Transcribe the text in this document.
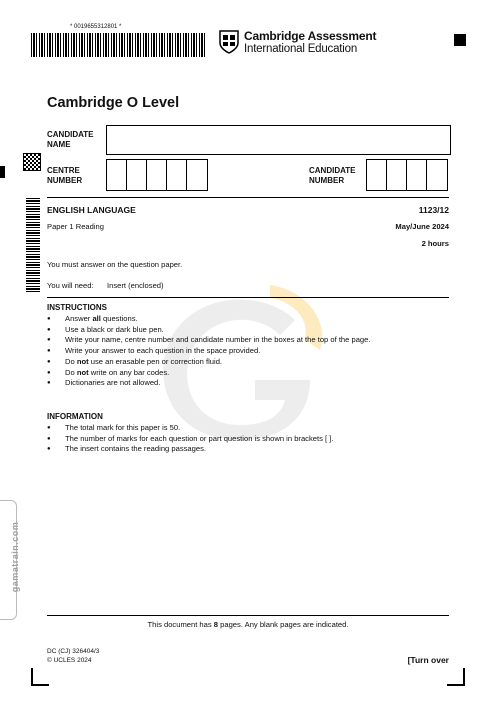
* 0019655312801 *
Cambridge Assessment
International Education
Cambridge O Level
CANDIDATE NAME
CENTRE NUMBER
CANDIDATE NUMBER
ENGLISH LANGUAGE	1123/12
Paper 1 Reading	May/June 2024
2 hours
You must answer on the question paper.
You will need: Insert (enclosed)
INSTRUCTIONS
● Answer all questions.
● Use a black or dark blue pen.
● Write your name, centre number and candidate number in the boxes at the top of the page.
● Write your answer to each question in the space provided.
● Do not use an erasable pen or correction fluid.
● Do not write on any bar codes.
● Dictionaries are not allowed.
INFORMATION
● The total mark for this paper is 50.
● The number of marks for each question or part question is shown in brackets [ ].
● The insert contains the reading passages.
gamatrain.com
This document has 8 pages. Any blank pages are indicated.
DC (CJ) 326404/3
© UCLES 2024	[Turn over
